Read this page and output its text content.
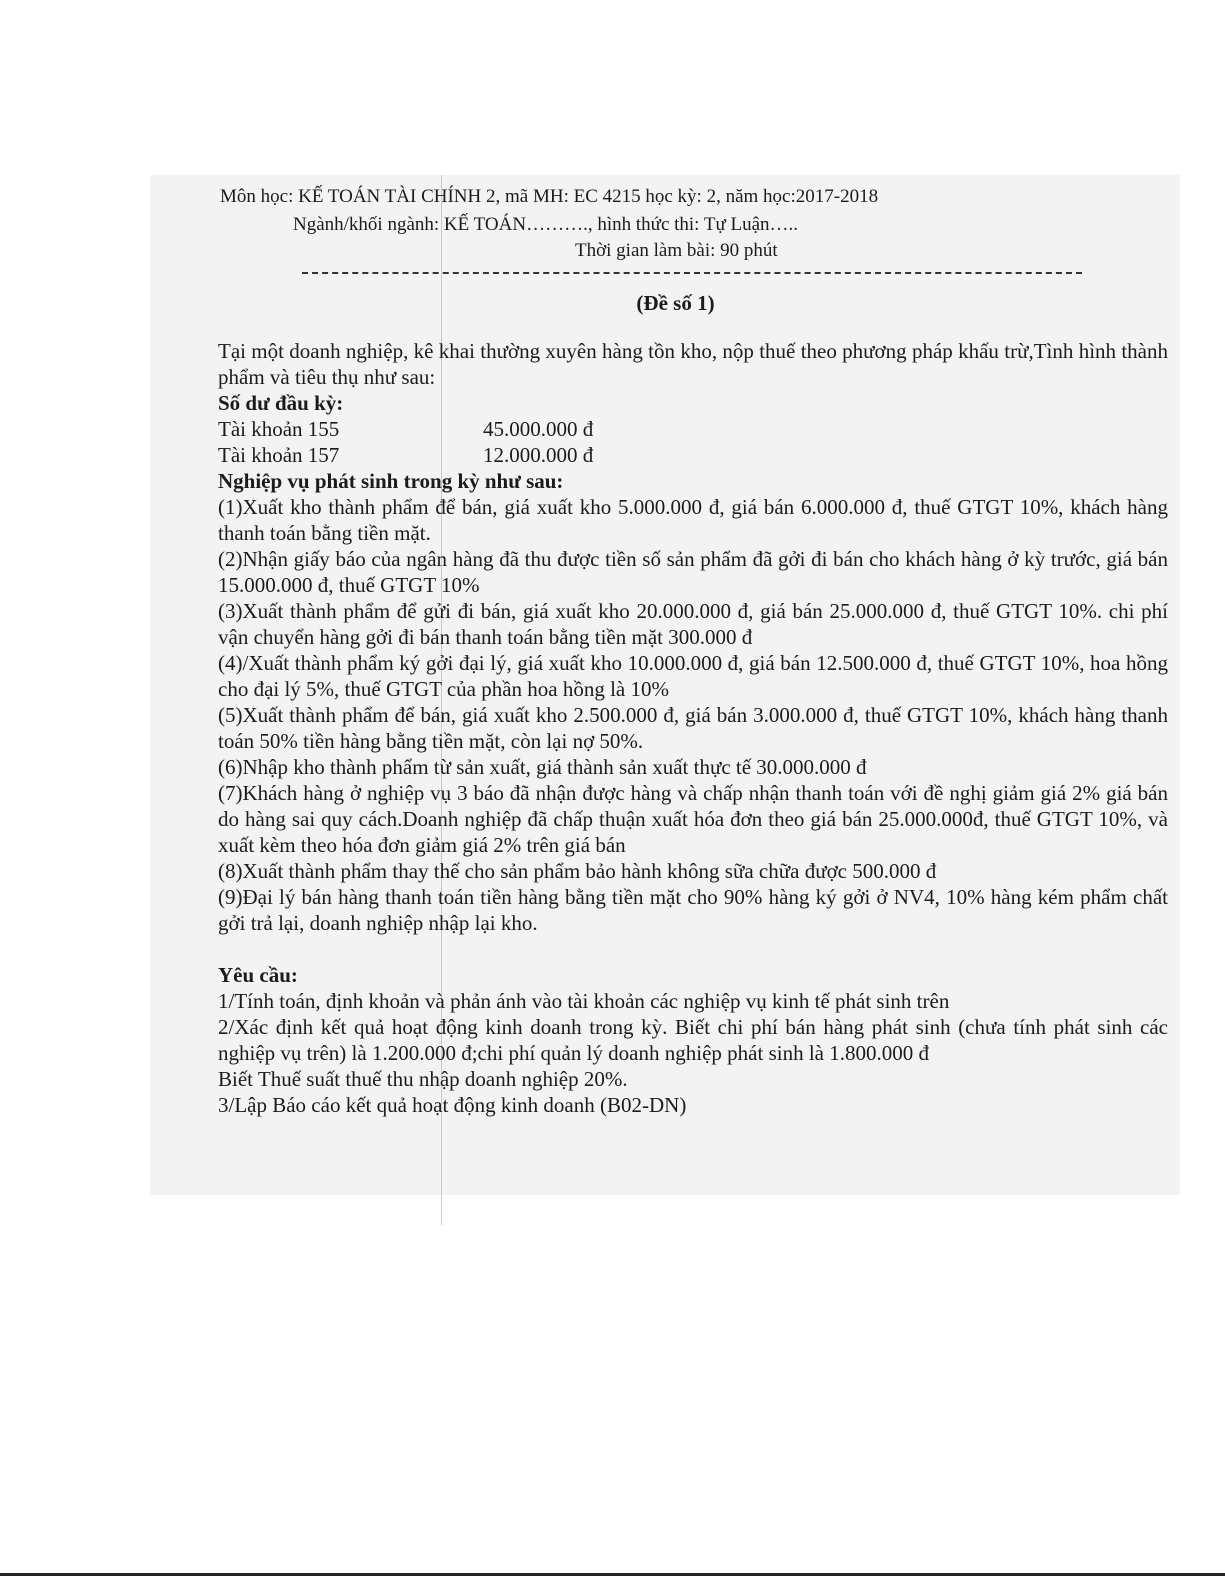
Môn học: KẾ TOÁN TÀI CHÍNH 2, mã MH: EC 4215 học kỳ: 2, năm học:2017-2018
Ngành/khối ngành: KẾ TOÁN………., hình thức thi: Tự Luận…..
Thời gian làm bài: 90 phút
(Đề số 1)

Tại một doanh nghiệp, kê khai thường xuyên hàng tồn kho, nộp thuế theo phương pháp khấu trừ,Tình hình thành phẩm và tiêu thụ như sau:

Số dư đầu kỳ:

Tài khoản 155	45.000.000 đ
Tài khoản 157	12.000.000 đ

Nghiệp vụ phát sinh trong kỳ như sau:

(1)Xuất kho thành phẩm để bán, giá xuất kho 5.000.000 đ, giá bán 6.000.000 đ, thuế GTGT 10%, khách hàng thanh toán bằng tiền mặt.

(2)Nhận giấy báo của ngân hàng đã thu được tiền số sản phẩm đã gởi đi bán cho khách hàng ở kỳ trước, giá bán 15.000.000 đ, thuế GTGT 10%

(3)Xuất thành phẩm để gửi đi bán, giá xuất kho 20.000.000 đ, giá bán 25.000.000 đ, thuế GTGT 10%. chi phí vận chuyển hàng gởi đi bán thanh toán bằng tiền mặt 300.000 đ

(4)/Xuất thành phẩm ký gởi đại lý, giá xuất kho 10.000.000 đ, giá bán 12.500.000 đ, thuế GTGT 10%, hoa hồng cho đại lý 5%, thuế GTGT của phần hoa hồng là 10%

(5)Xuất thành phẩm để bán, giá xuất kho 2.500.000 đ, giá bán 3.000.000 đ, thuế GTGT 10%, khách hàng thanh toán 50% tiền hàng bằng tiền mặt, còn lại nợ 50%.

(6)Nhập kho thành phẩm từ sản xuất, giá thành sản xuất thực tế 30.000.000 đ

(7)Khách hàng ở nghiệp vụ 3 báo đã nhận được hàng và chấp nhận thanh toán với đề nghị giảm giá 2% giá bán do hàng sai quy cách.Doanh nghiệp đã chấp thuận xuất hóa đơn theo giá bán 25.000.000đ, thuế GTGT 10%, và xuất kèm theo hóa đơn giảm giá 2% trên giá bán

(8)Xuất thành phẩm thay thế cho sản phẩm bảo hành không sữa chữa được 500.000 đ

(9)Đại lý bán hàng thanh toán tiền hàng bằng tiền mặt cho 90% hàng ký gởi ở NV4, 10% hàng kém phẩm chất gởi trả lại, doanh nghiệp nhập lại kho.

Yêu cầu:

1/Tính toán, định khoản và phản ánh vào tài khoản các nghiệp vụ kinh tế phát sinh trên

2/Xác định kết quả hoạt động kinh doanh trong kỳ. Biết chi phí bán hàng phát sinh (chưa tính phát sinh các nghiệp vụ trên) là 1.200.000 đ;chi phí quản lý doanh nghiệp phát sinh là 1.800.000 đ

Biết Thuế suất thuế thu nhập doanh nghiệp 20%.

3/Lập Báo cáo kết quả hoạt động kinh doanh (B02-DN)
